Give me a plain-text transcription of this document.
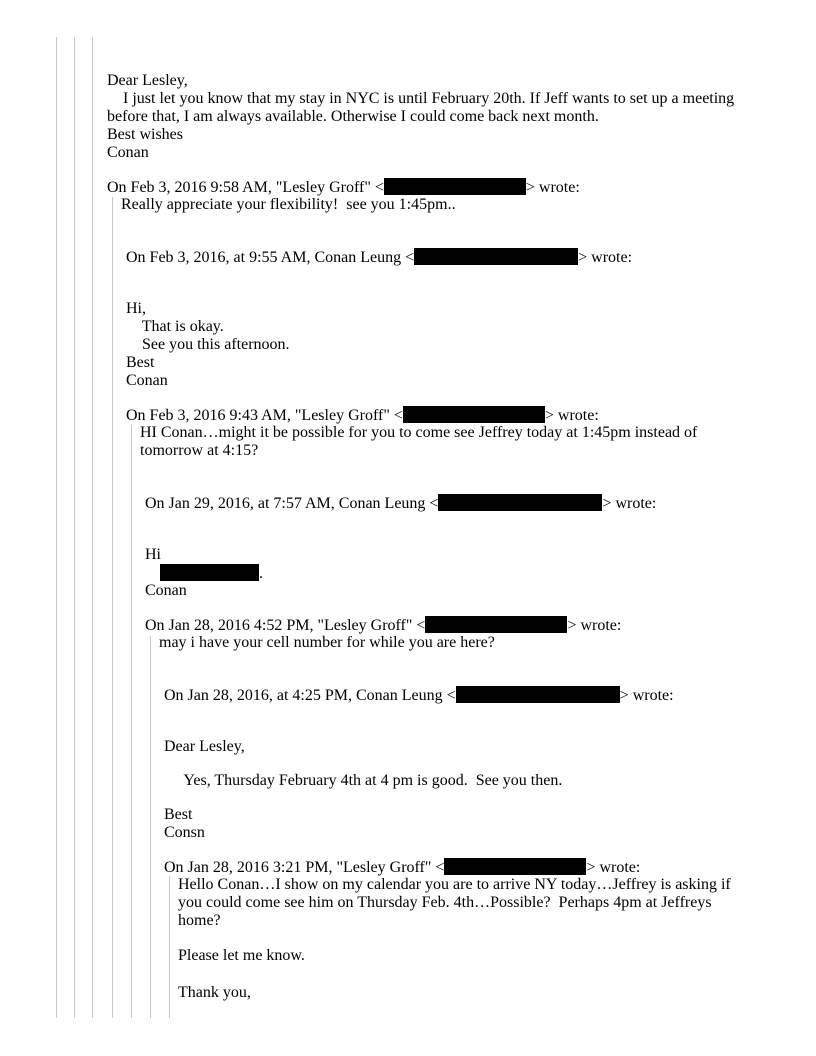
Dear Lesley,
I just let you know that my stay in NYC is until February 20th. If Jeff wants to set up a meeting
before that, I am always available. Otherwise I could come back next month.
Best wishes
Conan
On Feb 3, 2016 9:58 AM, "Lesley Groff" <	> wrote:
Really appreciate your flexibility!  see you 1:45pm..
On Feb 3, 2016, at 9:55 AM, Conan Leung <	> wrote:
Hi,
That is okay.
See you this afternoon.
Best
Conan
On Feb 3, 2016 9:43 AM, "Lesley Groff" <	> wrote:
HI Conan…might it be possible for you to come see Jeffrey today at 1:45pm instead of
tomorrow at 4:15?
On Jan 29, 2016, at 7:57 AM, Conan Leung <	> wrote:
Hi
.
Conan
On Jan 28, 2016 4:52 PM, "Lesley Groff" <	> wrote:
may i have your cell number for while you are here?
On Jan 28, 2016, at 4:25 PM, Conan Leung <	> wrote:
Dear Lesley,
Yes, Thursday February 4th at 4 pm is good.  See you then.
Best
Consn
On Jan 28, 2016 3:21 PM, "Lesley Groff" <	> wrote:
Hello Conan…I show on my calendar you are to arrive NY today…Jeffrey is asking if
you could come see him on Thursday Feb. 4th…Possible?  Perhaps 4pm at Jeffreys
home?
Please let me know.
Thank you,
